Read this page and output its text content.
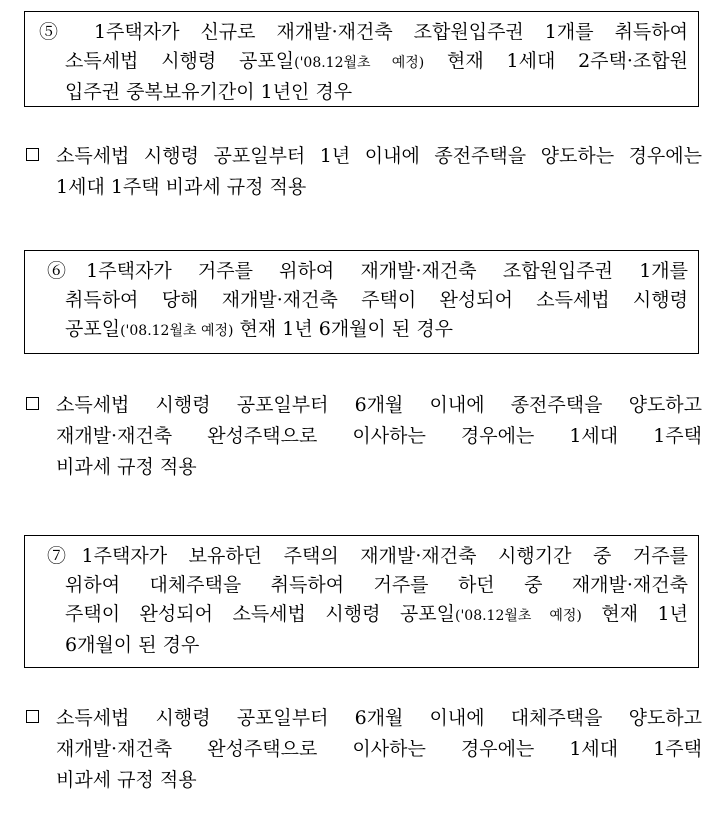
⑤ 1주택자가 신규로 재개발·재건축 조합원입주권 1개를 취득하여
소득세법 시행령 공포일('08.12월초 예정) 현재 1세대 2주택·조합원
입주권 중복보유기간이 1년인 경우
소득세법 시행령 공포일부터 1년 이내에 종전주택을 양도하는 경우에는
1세대 1주택 비과세 규정 적용
⑥1주택자가 거주를 위하여 재개발·재건축 조합원입주권 1개를
취득하여 당해 재개발·재건축 주택이 완성되어 소득세법 시행령
공포일('08.12월초 예정) 현재 1년 6개월이 된 경우
소득세법 시행령 공포일부터 6개월 이내에 종전주택을 양도하고
재개발·재건축 완성주택으로 이사하는 경우에는 1세대 1주택
비과세 규정 적용
⑦1주택자가 보유하던 주택의 재개발·재건축 시행기간 중 거주를
위하여 대체주택을 취득하여 거주를 하던 중 재개발·재건축
주택이 완성되어 소득세법 시행령 공포일('08.12월초 예정) 현재 1년
6개월이 된 경우
소득세법 시행령 공포일부터 6개월 이내에 대체주택을 양도하고
재개발·재건축 완성주택으로 이사하는 경우에는 1세대 1주택
비과세 규정 적용
